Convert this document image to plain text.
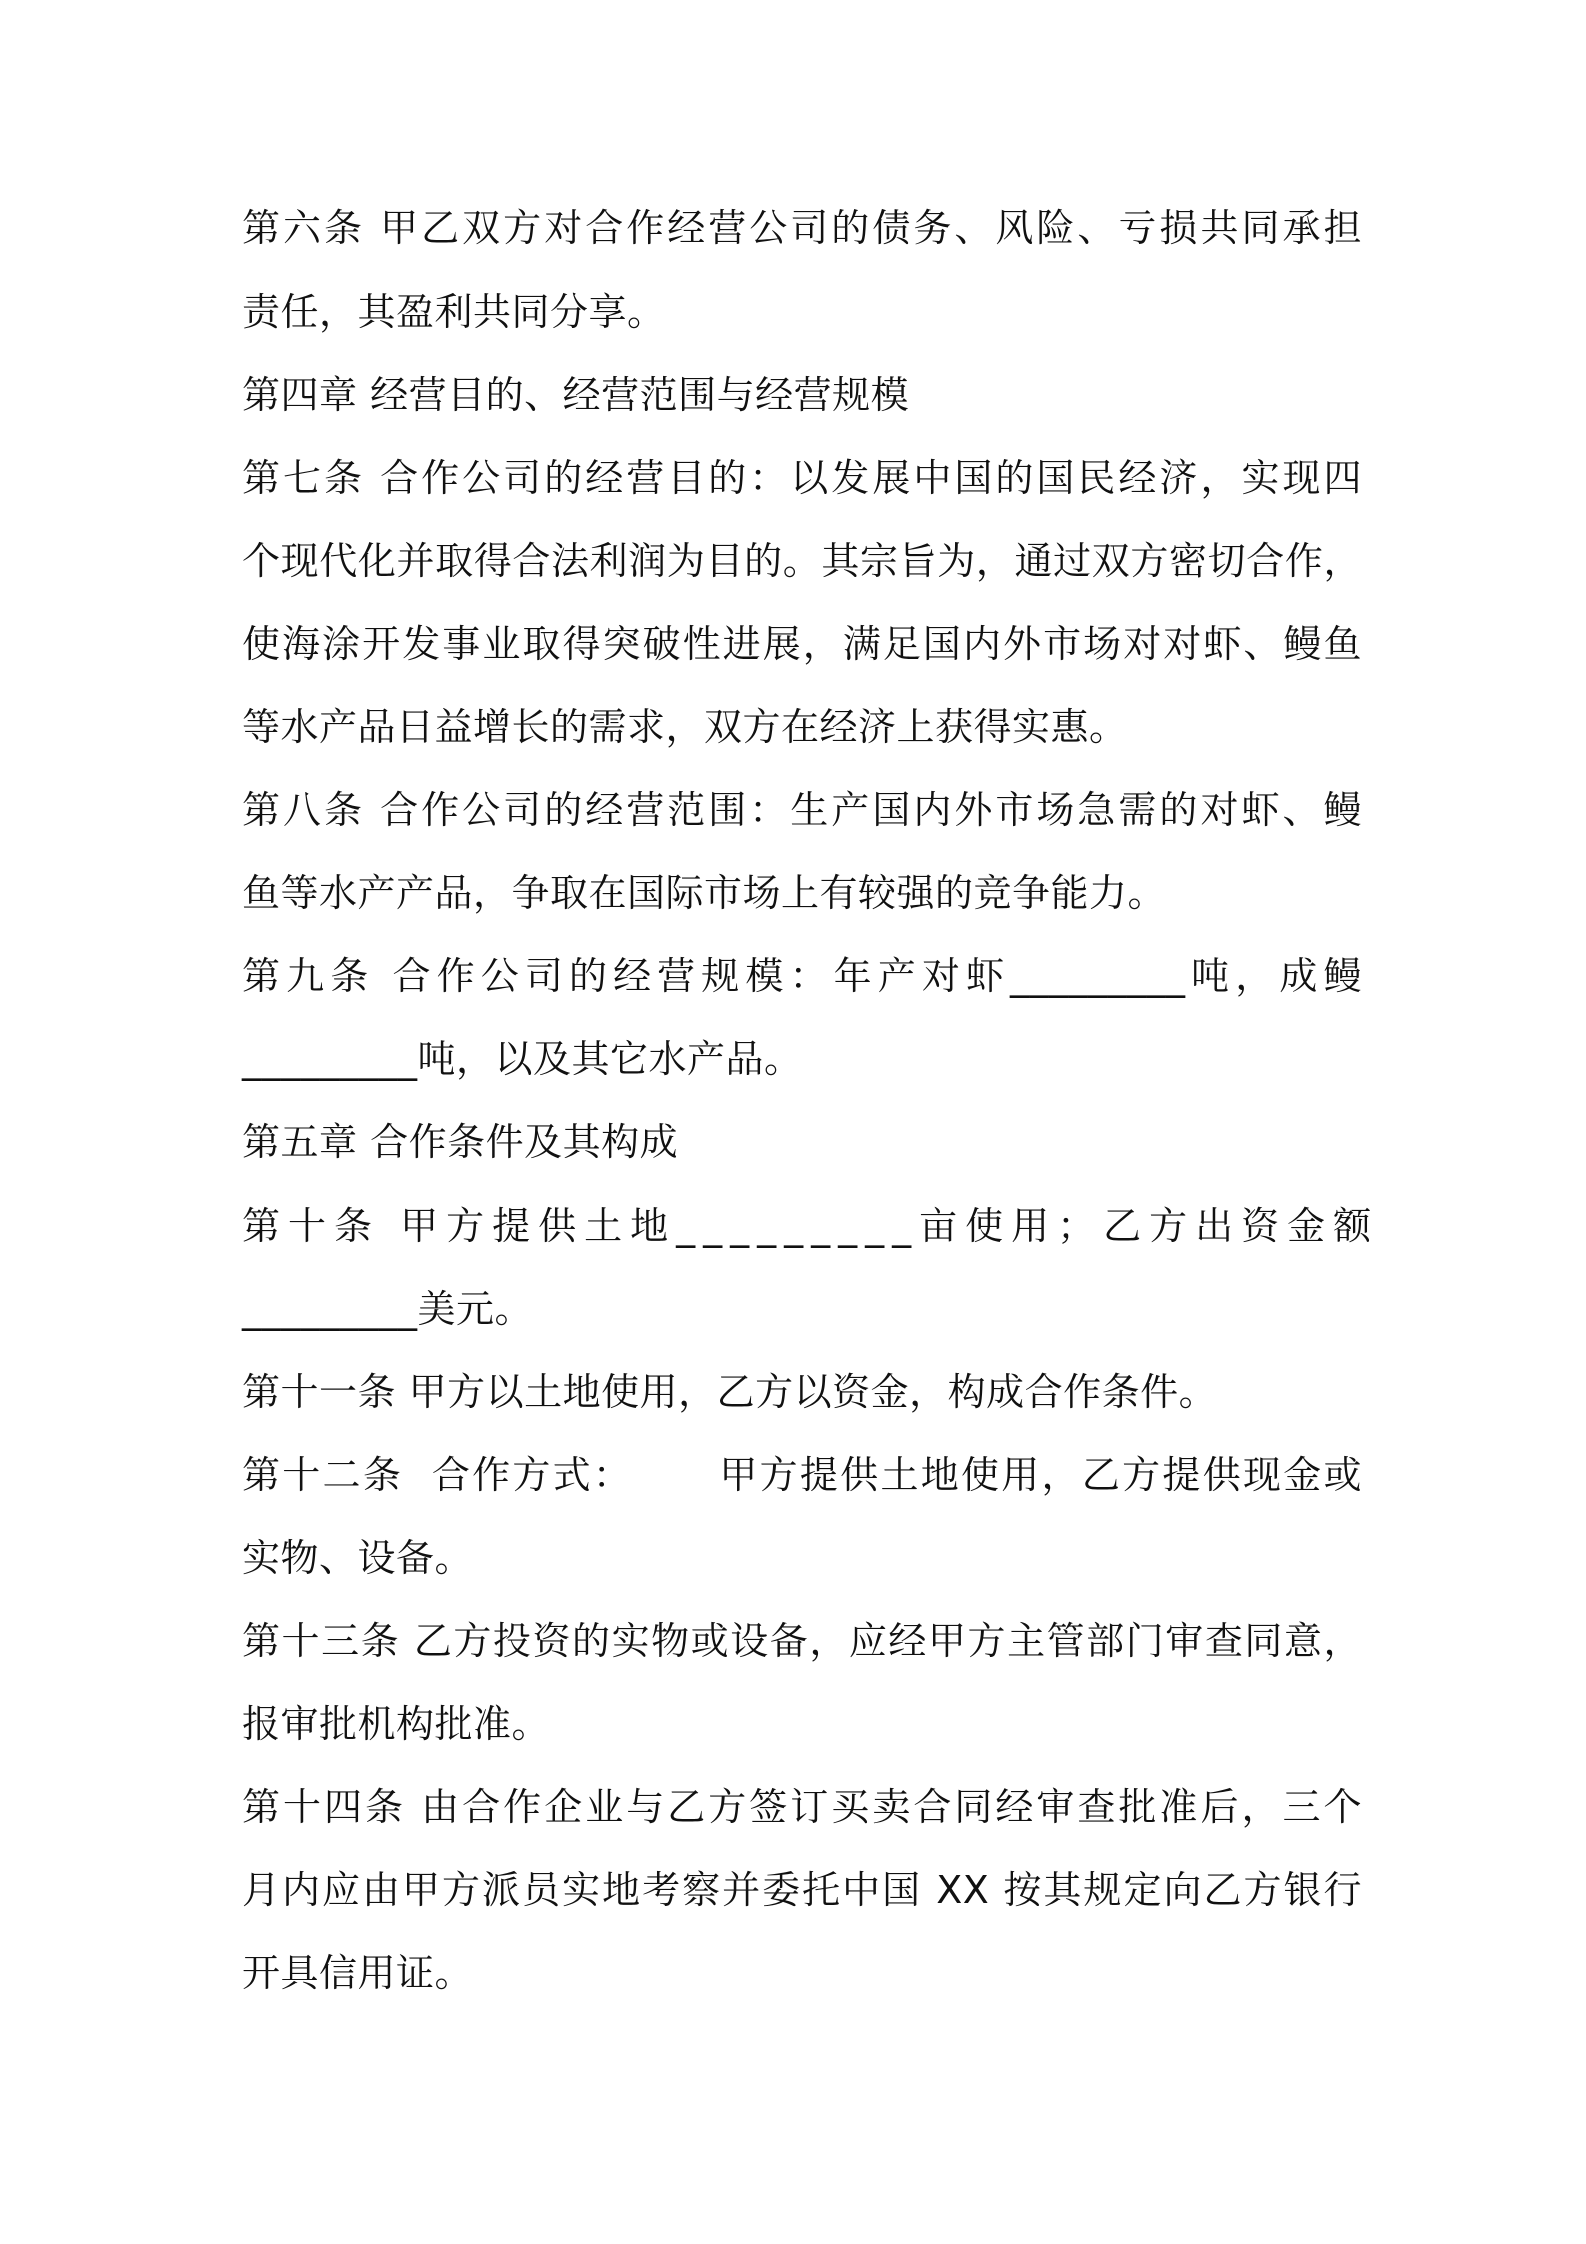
第六条 甲乙双方对合作经营公司的债务、风险、亏损共同承担
责任，其盈利共同分享。
第四章 经营目的、经营范围与经营规模
第七条 合作公司的经营目的：以发展中国的国民经济，实现四
个现代化并取得合法利润为目的。其宗旨为，通过双方密切合作，
使海涂开发事业取得突破性进展，满足国内外市场对对虾、鳗鱼
等水产品日益增长的需求，双方在经济上获得实惠。
第八条 合作公司的经营范围：生产国内外市场急需的对虾、鳗
鱼等水产产品，争取在国际市场上有较强的竞争能力。
第九条 合作公司的经营规模：年产对虾_________吨，成鳗
_________吨，以及其它水产品。
第五章 合作条件及其构成
第十条 甲方提供土地_________亩使用；乙方出资金额
_________美元。
第十一条 甲方以土地使用，乙方以资金，构成合作条件。
第十二条  合作方式：      甲方提供土地使用，乙方提供现金或
实物、设备。
第十三条 乙方投资的实物或设备，应经甲方主管部门审查同意，
报审批机构批准。
第十四条 由合作企业与乙方签订买卖合同经审查批准后，三个
月内应由甲方派员实地考察并委托中国 XX 按其规定向乙方银行
开具信用证。
